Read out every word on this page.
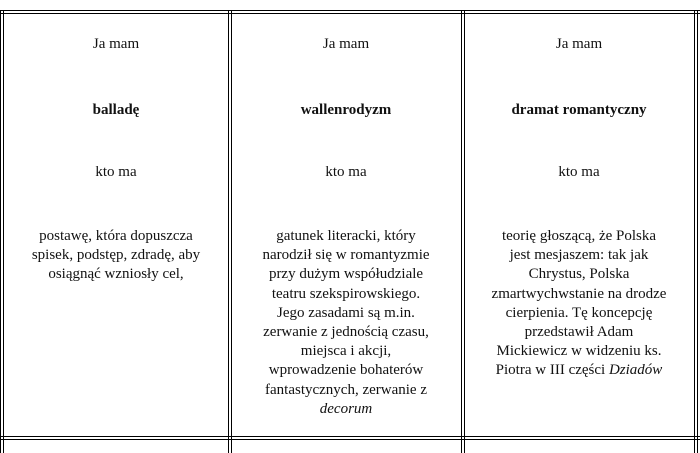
Ja mam
balladę
kto ma
postawę, która dopuszcza
spisek, podstęp, zdradę, aby
osiągnąć wzniosły cel,
Ja mam
wallenrodyzm
kto ma
gatunek literacki, który
narodził się w romantyzmie
przy dużym współudziale
teatru szekspirowskiego.
Jego zasadami są m.in.
zerwanie z jednością czasu,
miejsca i akcji,
wprowadzenie bohaterów
fantastycznych, zerwanie z
decorum
Ja mam
dramat romantyczny
kto ma
teorię głoszącą, że Polska
jest mesjaszem: tak jak
Chrystus, Polska
zmartwychwstanie na drodze
cierpienia. Tę koncepcję
przedstawił Adam
Mickiewicz w widzeniu ks.
Piotra w III części Dziadów
